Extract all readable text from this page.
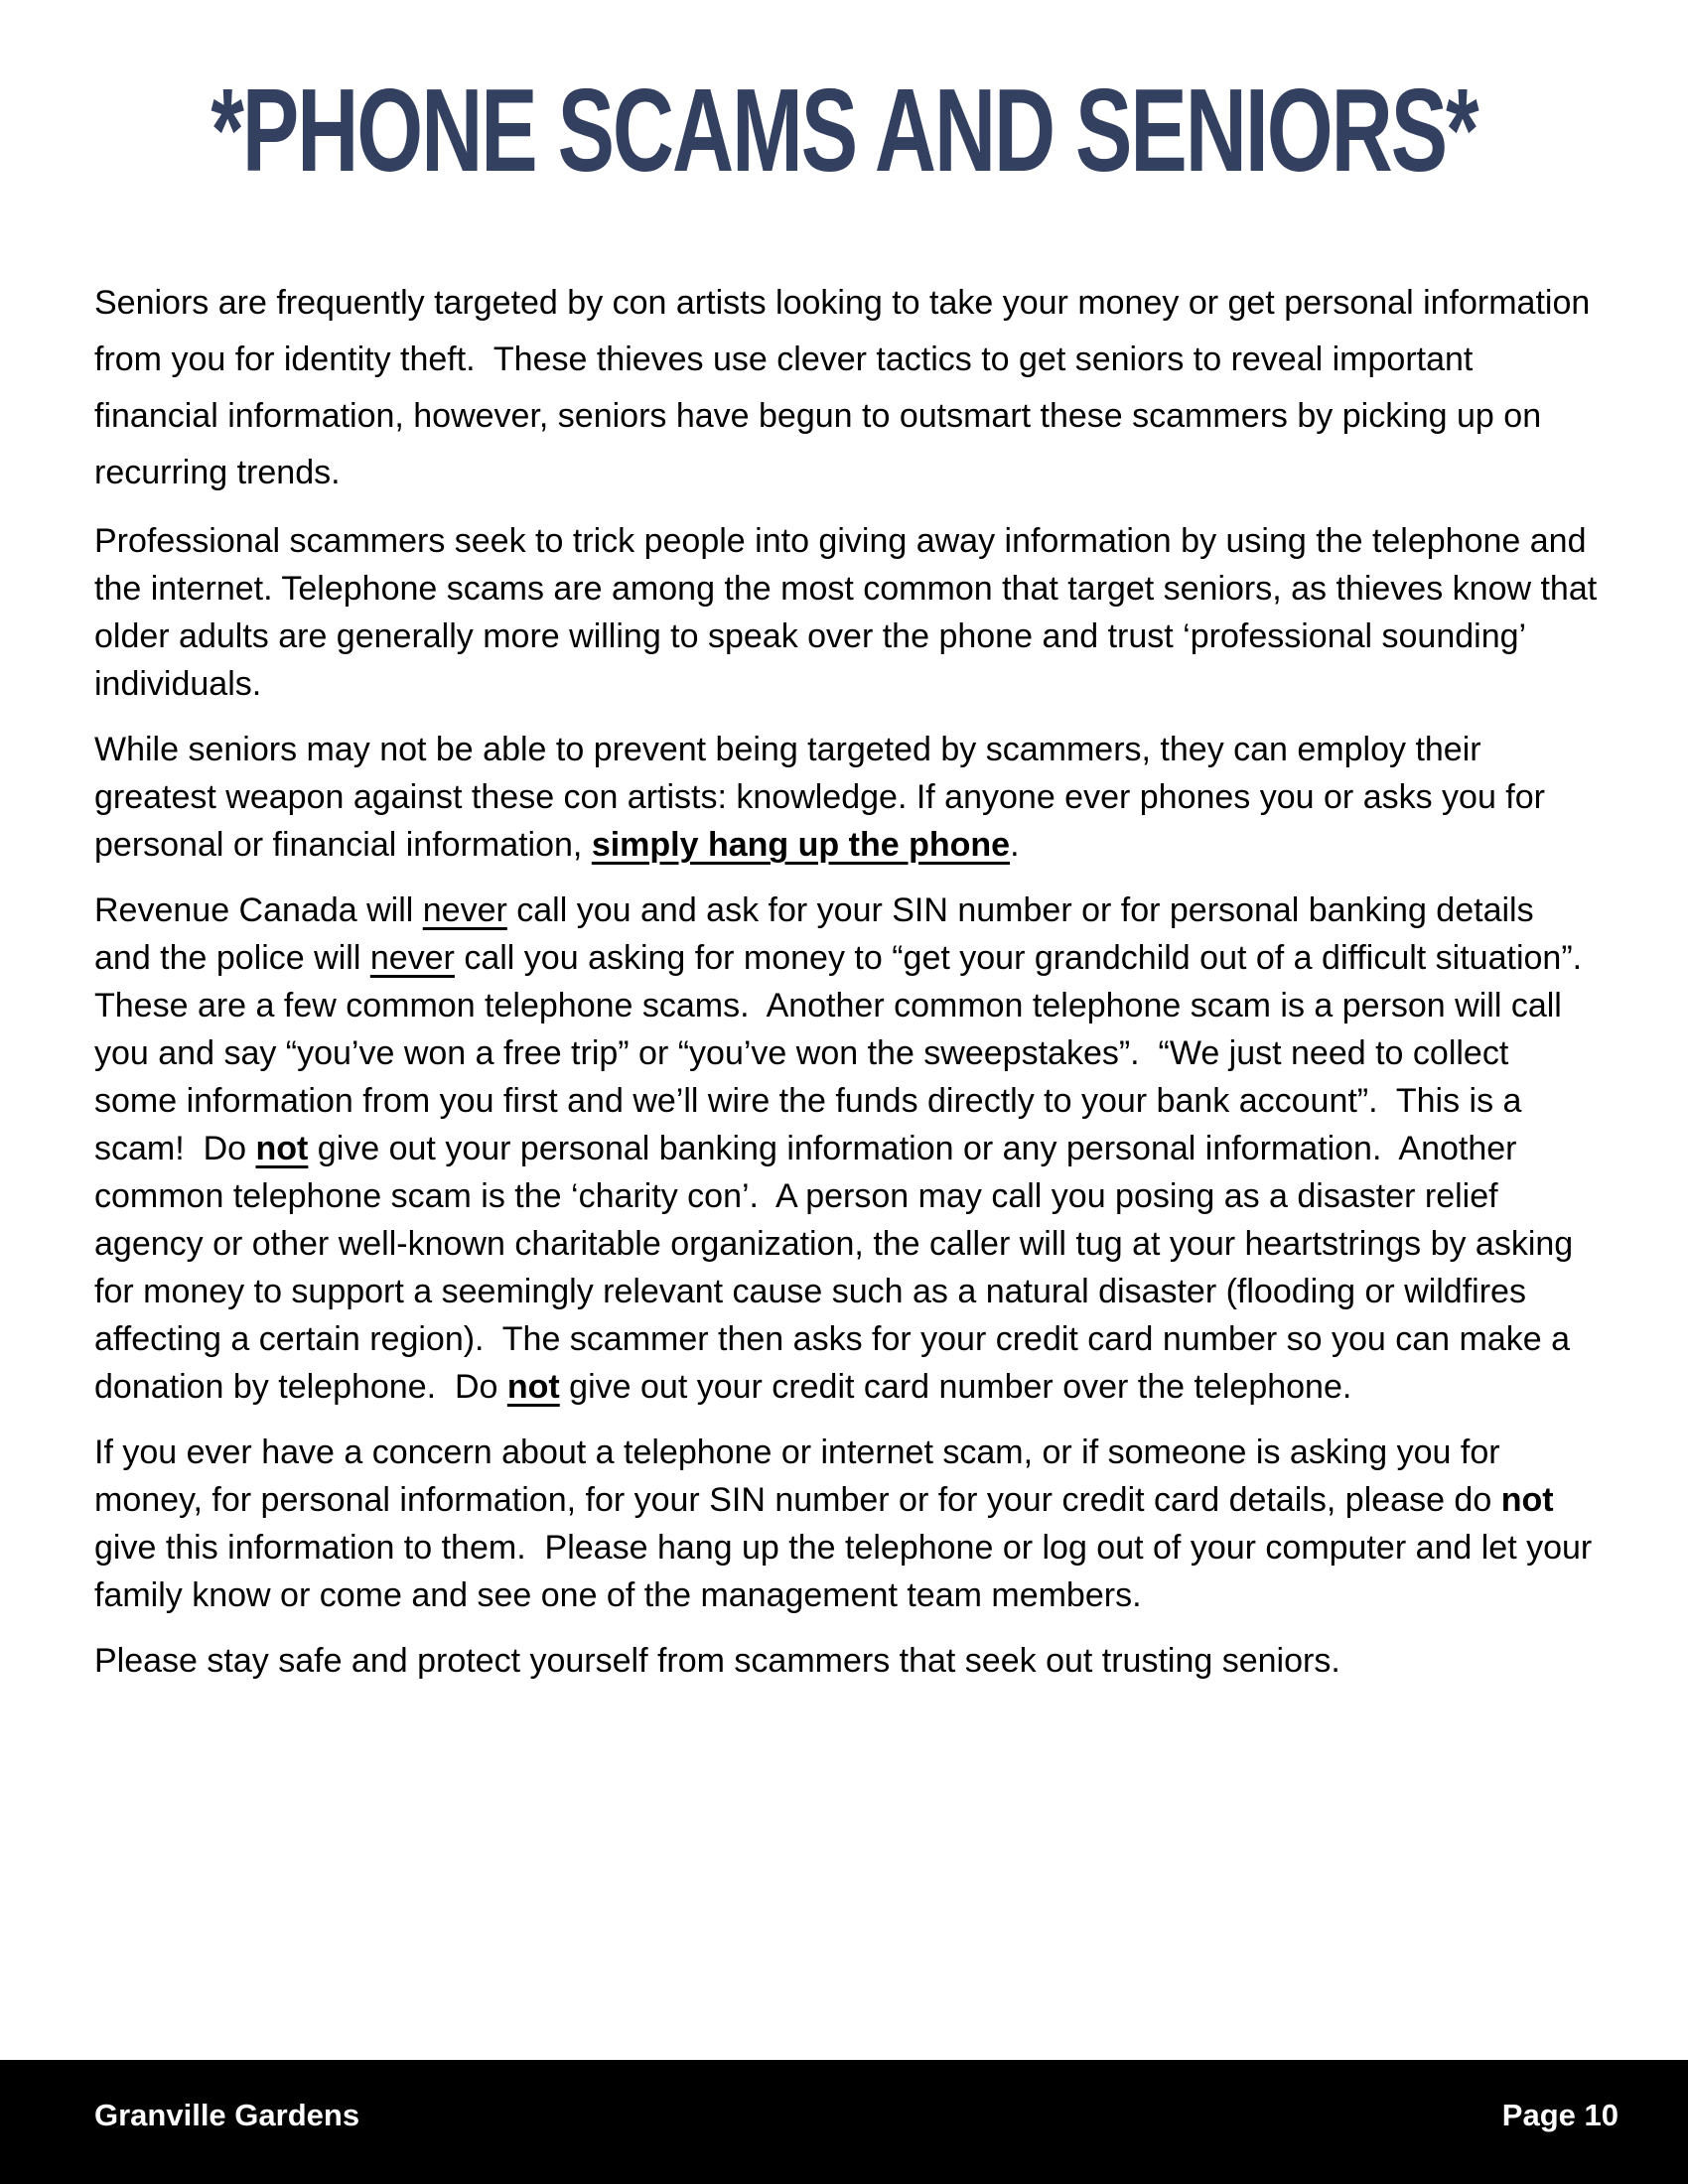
*PHONE SCAMS AND SENIORS*

Seniors are frequently targeted by con artists looking to take your money or get personal information from you for identity theft.  These thieves use clever tactics to get seniors to reveal important financial information, however, seniors have begun to outsmart these scammers by picking up on recurring trends.

Professional scammers seek to trick people into giving away information by using the telephone and the internet. Telephone scams are among the most common that target seniors, as thieves know that older adults are generally more willing to speak over the phone and trust ‘professional sounding’ individuals.

While seniors may not be able to prevent being targeted by scammers, they can employ their greatest weapon against these con artists: knowledge. If anyone ever phones you or asks you for personal or financial information, simply hang up the phone.

Revenue Canada will never call you and ask for your SIN number or for personal banking details and the police will never call you asking for money to “get your grandchild out of a difficult situation”.  These are a few common telephone scams.  Another common telephone scam is a person will call you and say “you’ve won a free trip” or “you’ve won the sweepstakes”.  “We just need to collect some information from you first and we’ll wire the funds directly to your bank account”.  This is a scam!  Do not give out your personal banking information or any personal information.  Another common telephone scam is the ‘charity con’.  A person may call you posing as a disaster relief agency or other well-known charitable organization, the caller will tug at your heartstrings by asking for money to support a seemingly relevant cause such as a natural disaster (flooding or wildfires affecting a certain region).  The scammer then asks for your credit card number so you can make a donation by telephone.  Do not give out your credit card number over the telephone.

If you ever have a concern about a telephone or internet scam, or if someone is asking you for money, for personal information, for your SIN number or for your credit card details, please do not give this information to them.  Please hang up the telephone or log out of your computer and let your family know or come and see one of the management team members.

Please stay safe and protect yourself from scammers that seek out trusting seniors.

Granville Gardens	Page 10
